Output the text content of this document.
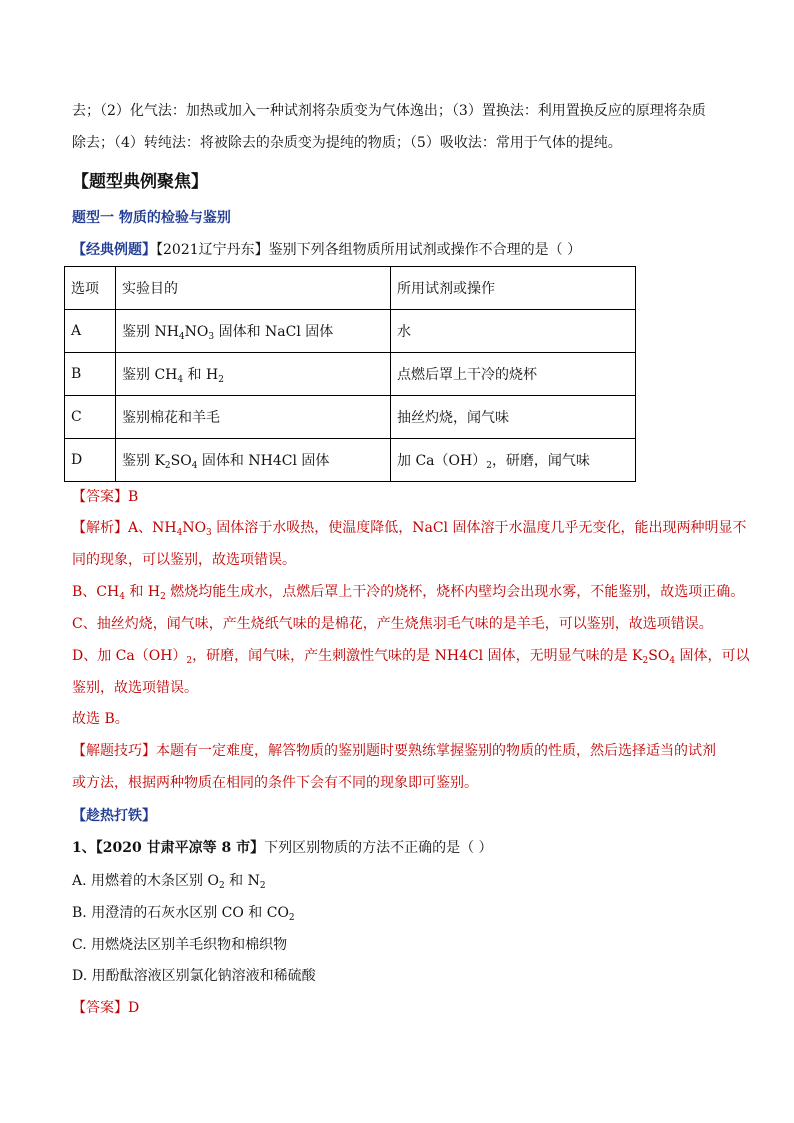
去；（2）化气法：加热或加入一种试剂将杂质变为气体逸出；（3）置换法：利用置换反应的原理将杂质
除去；（4）转纯法：将被除去的杂质变为提纯的物质；（5）吸收法：常用于气体的提纯。
【题型典例聚焦】
题型一 物质的检验与鉴别
【经典例题】【2021辽宁丹东】鉴别下列各组物质所用试剂或操作不合理的是（ ）
选项	实验目的	所用试剂或操作
A	鉴别 $NH_4NO_3$ 固体和 NaCl 固体	水
B	鉴别 $CH_4$ 和 $H_2$	点燃后罩上干冷的烧杯
C	鉴别棉花和羊毛	抽丝灼烧，闻气味
D	鉴别 $K_2SO_4$ 固体和 NH4Cl 固体	加 $Ca(OH)_2$，研磨，闻气味
【答案】B
【解析】A、$NH_4NO_3$ 固体溶于水吸热，使温度降低，NaCl 固体溶于水温度几乎无变化，能出现两种明显不
同的现象，可以鉴别，故选项错误。
B、$CH_4$ 和 $H_2$ 燃烧均能生成水，点燃后罩上干冷的烧杯，烧杯内壁均会出现水雾，不能鉴别，故选项正确。
C、抽丝灼烧，闻气味，产生烧纸气味的是棉花，产生烧焦羽毛气味的是羊毛，可以鉴别，故选项错误。
D、加 $Ca(OH)_2$，研磨，闻气味，产生刺激性气味的是 NH4Cl 固体，无明显气味的是 $K_2SO_4$ 固体，可以
鉴别，故选项错误。
故选 B。
【解题技巧】本题有一定难度，解答物质的鉴别题时要熟练掌握鉴别的物质的性质，然后选择适当的试剂
或方法，根据两种物质在相同的条件下会有不同的现象即可鉴别。
【趁热打铁】
1、【2020 甘肃平凉等 8 市】下列区别物质的方法不正确的是（ ）
A. 用燃着的木条区别 $O_2$ 和 $N_2$
B. 用澄清的石灰水区别 CO 和 $CO_2$
C. 用燃烧法区别羊毛织物和棉织物
D. 用酚酞溶液区别氯化钠溶液和稀硫酸
【答案】D
